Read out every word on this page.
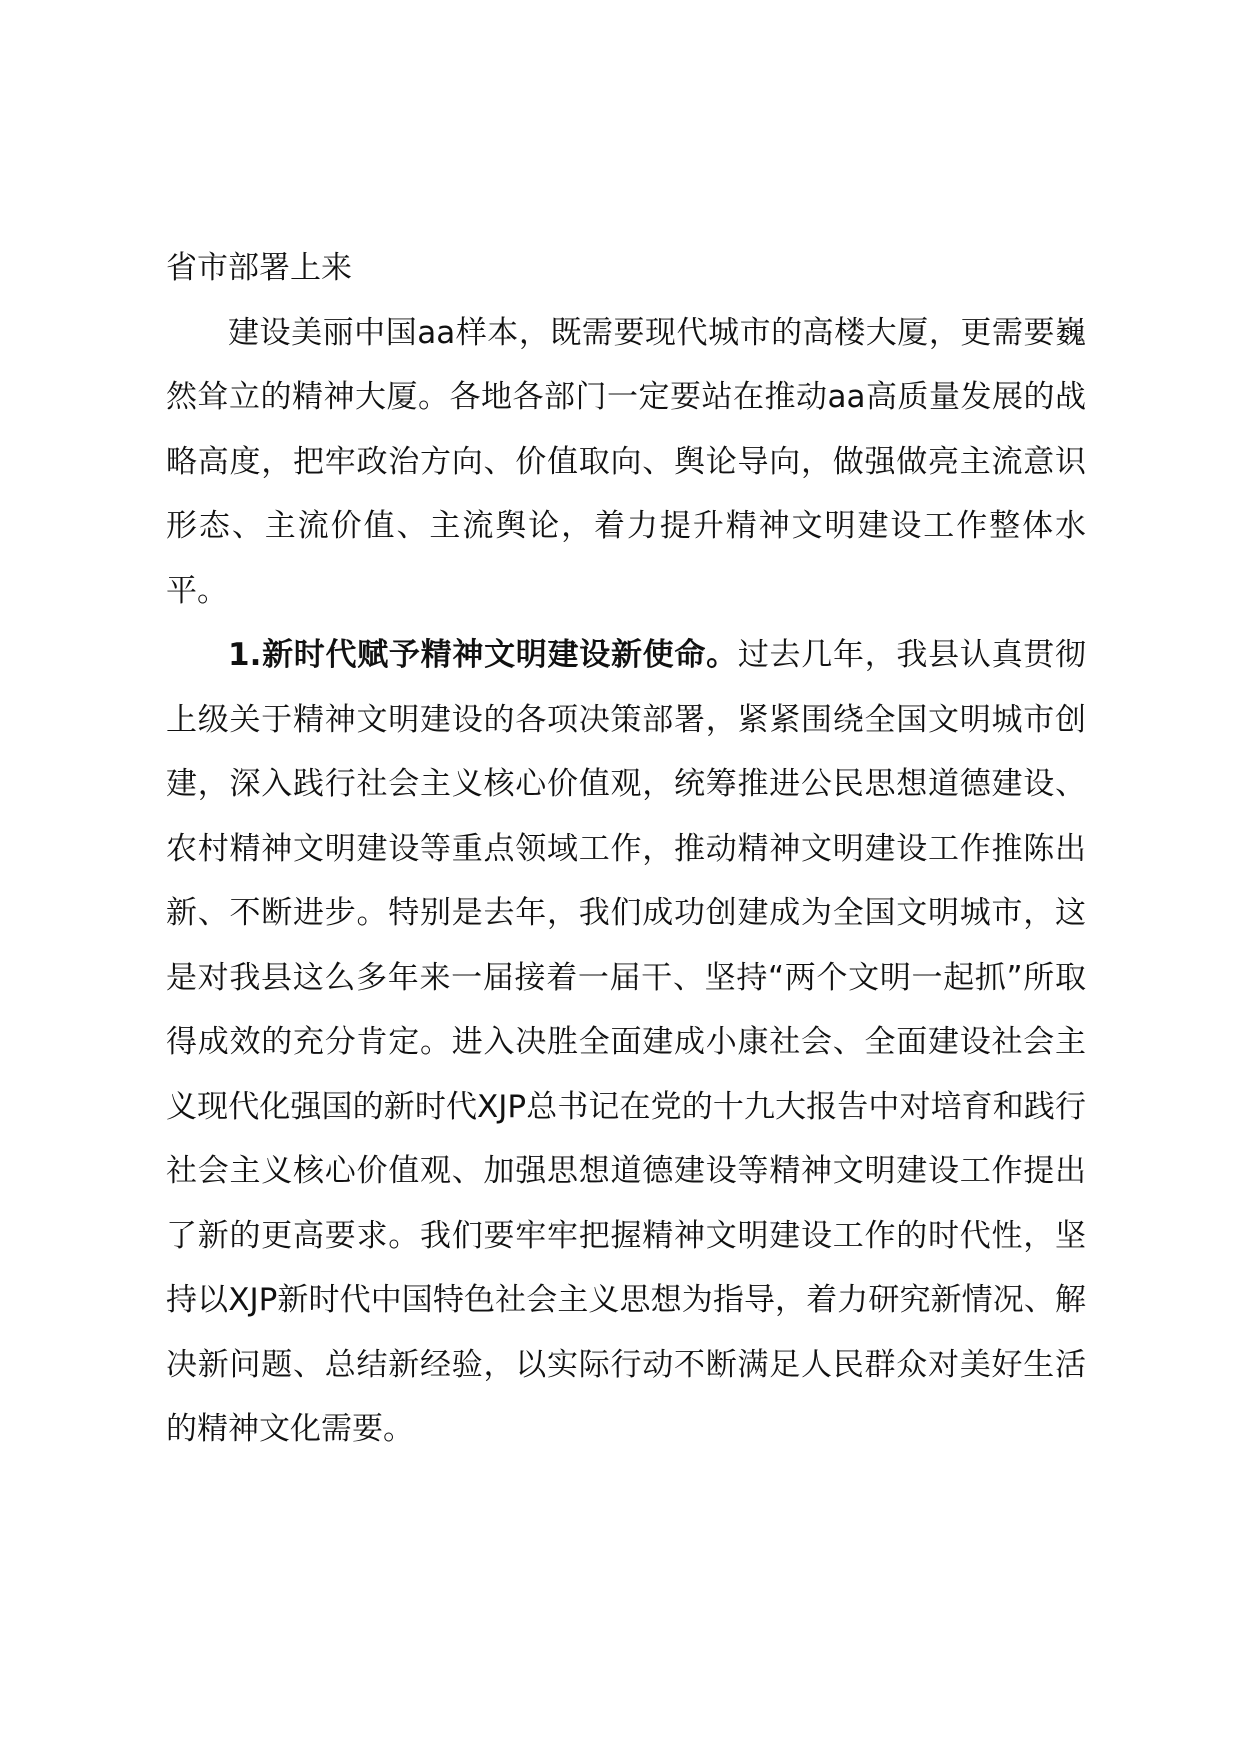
省市部署上来

建设美丽中国aa样本，既需要现代城市的高楼大厦，更需要巍然耸立的精神大厦。各地各部门一定要站在推动aa高质量发展的战略高度，把牢政治方向、价值取向、舆论导向，做强做亮主流意识形态、主流价值、主流舆论，着力提升精神文明建设工作整体水平。

1.新时代赋予精神文明建设新使命。过去几年，我县认真贯彻上级关于精神文明建设的各项决策部署，紧紧围绕全国文明城市创建，深入践行社会主义核心价值观，统筹推进公民思想道德建设、农村精神文明建设等重点领域工作，推动精神文明建设工作推陈出新、不断进步。特别是去年，我们成功创建成为全国文明城市，这是对我县这么多年来一届接着一届干、坚持“两个文明一起抓”所取得成效的充分肯定。进入决胜全面建成小康社会、全面建设社会主义现代化强国的新时代XJP总书记在党的十九大报告中对培育和践行社会主义核心价值观、加强思想道德建设等精神文明建设工作提出了新的更高要求。我们要牢牢把握精神文明建设工作的时代性，坚持以XJP新时代中国特色社会主义思想为指导，着力研究新情况、解决新问题、总结新经验，以实际行动不断满足人民群众对美好生活的精神文化需要。
